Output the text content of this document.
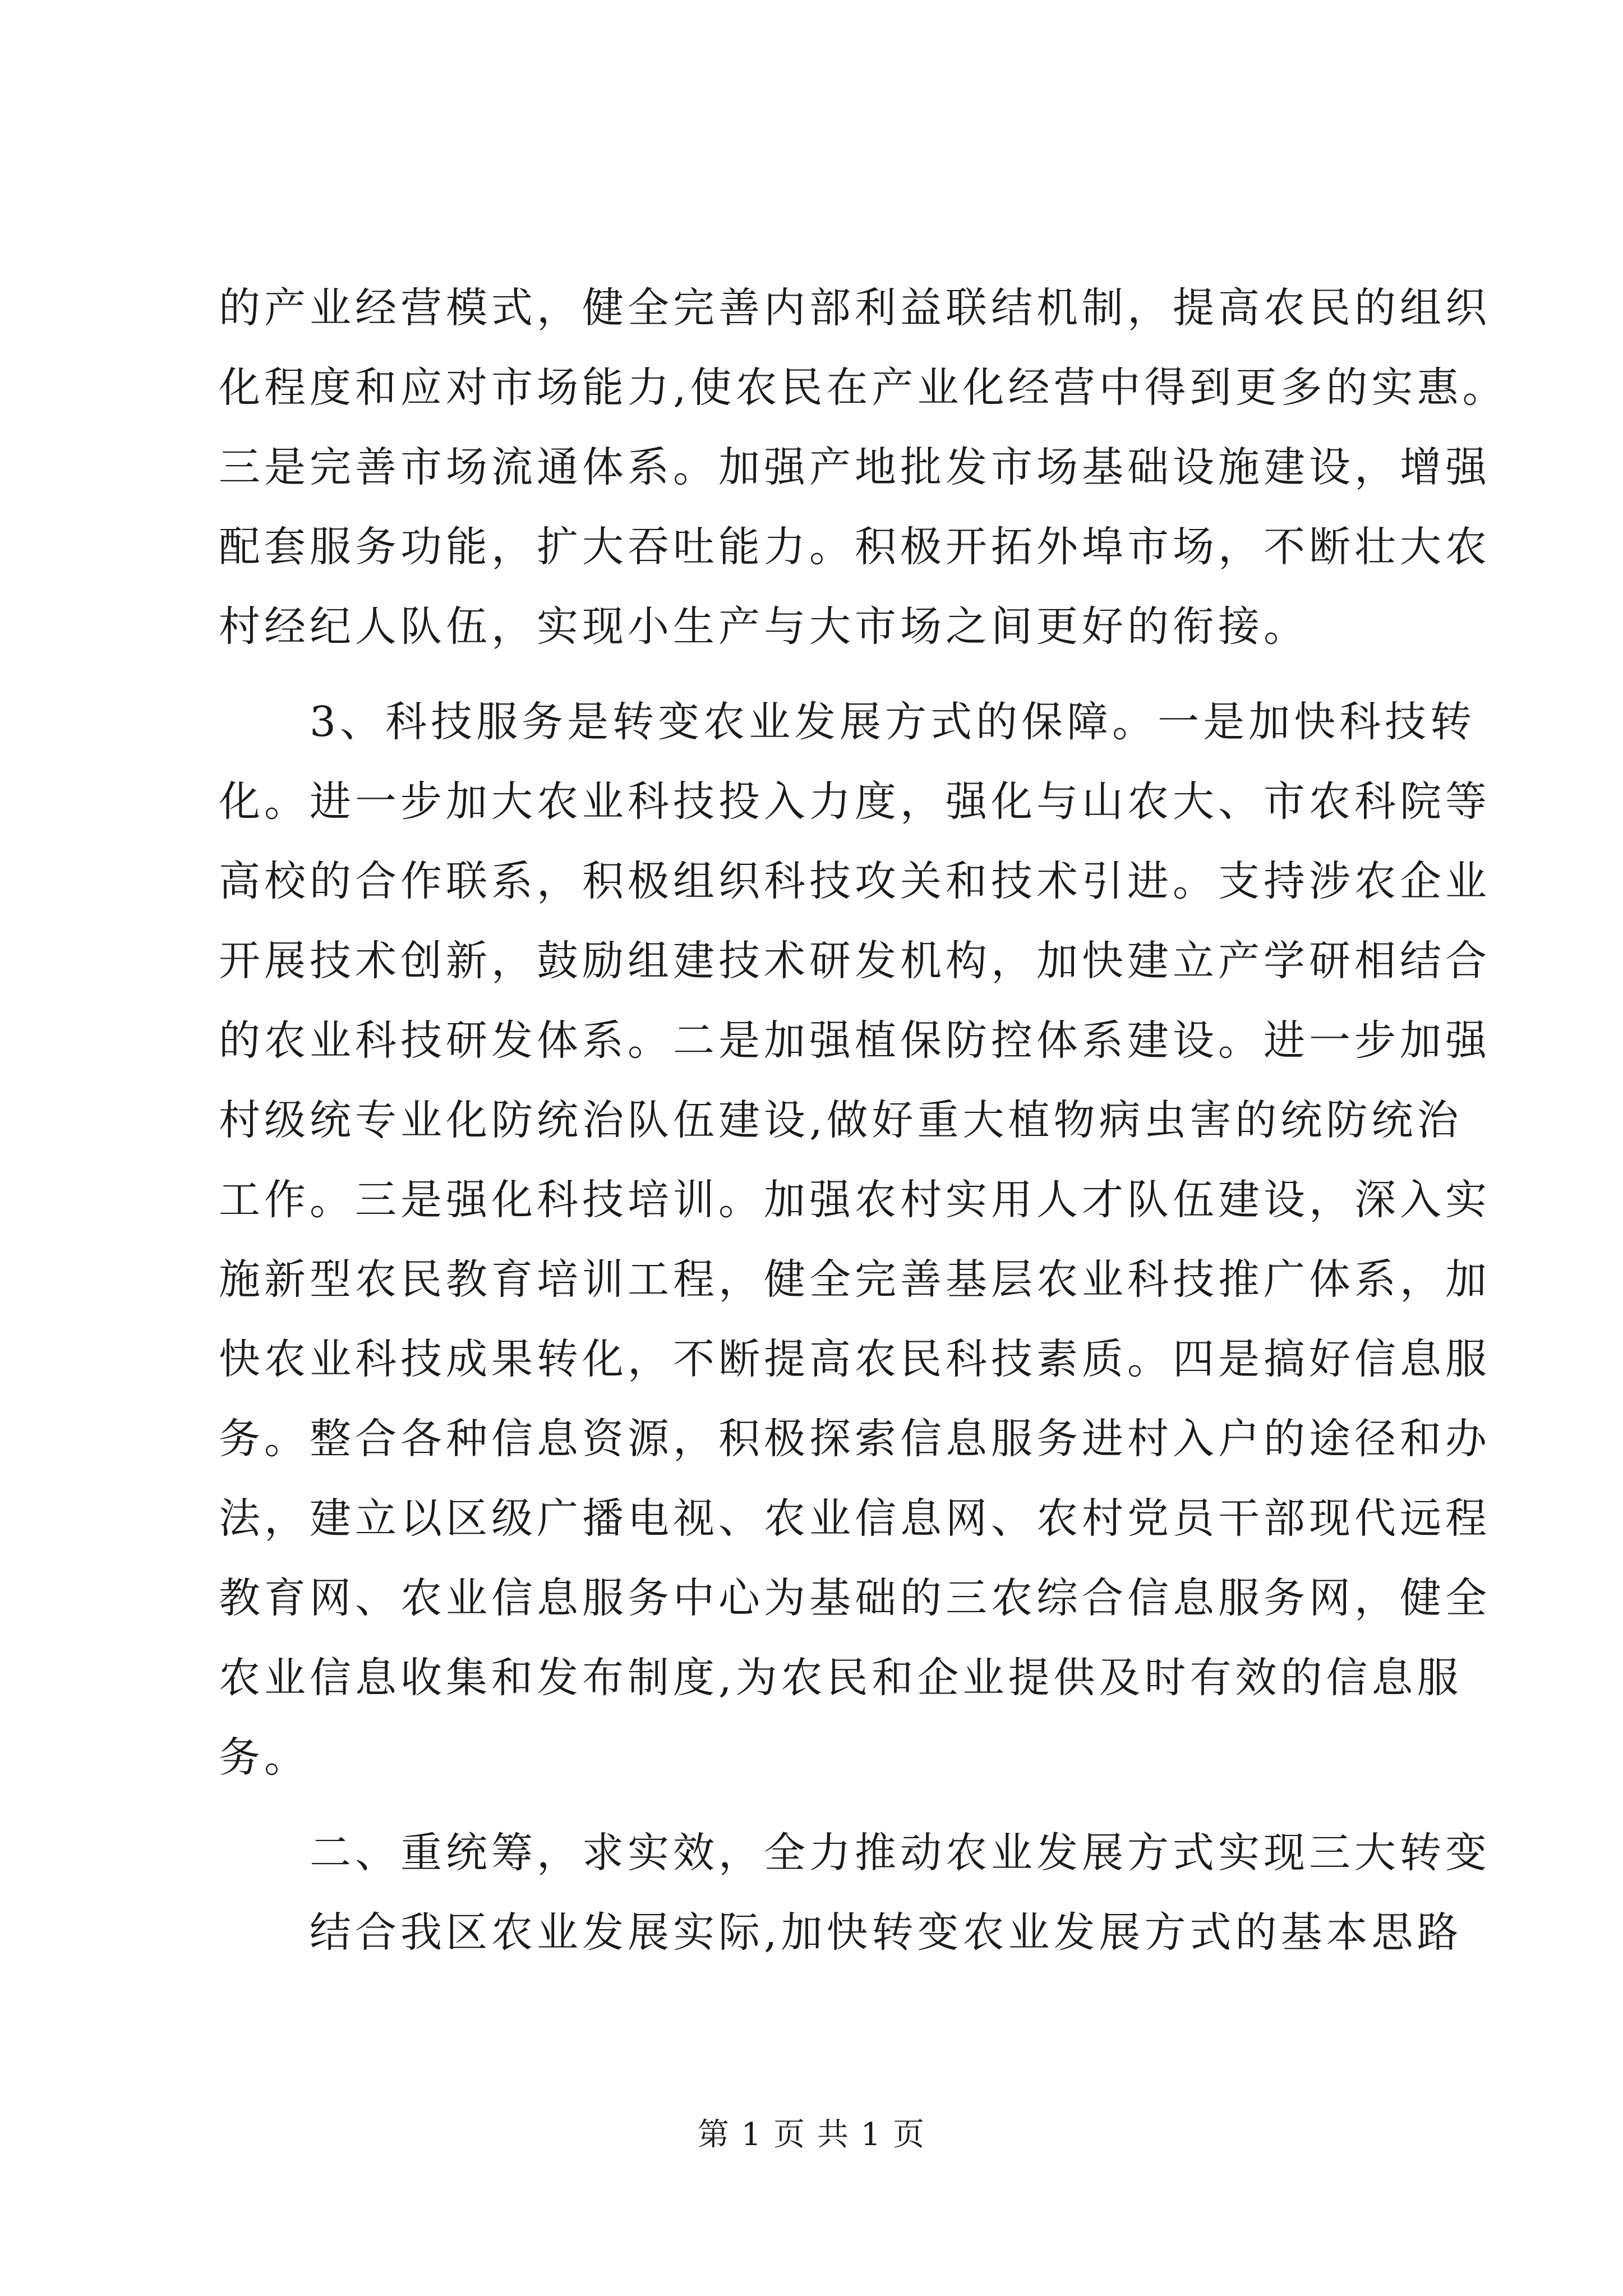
的产业经营模式，健全完善内部利益联结机制，提高农民的组织
化程度和应对市场能力,使农民在产业化经营中得到更多的实惠。
三是完善市场流通体系。加强产地批发市场基础设施建设，增强
配套服务功能，扩大吞吐能力。积极开拓外埠市场，不断壮大农
村经纪人队伍，实现小生产与大市场之间更好的衔接。
　　3、科技服务是转变农业发展方式的保障。一是加快科技转
化。进一步加大农业科技投入力度，强化与山农大、市农科院等
高校的合作联系，积极组织科技攻关和技术引进。支持涉农企业
开展技术创新，鼓励组建技术研发机构，加快建立产学研相结合
的农业科技研发体系。二是加强植保防控体系建设。进一步加强
村级统专业化防统治队伍建设,做好重大植物病虫害的统防统治
工作。三是强化科技培训。加强农村实用人才队伍建设，深入实
施新型农民教育培训工程，健全完善基层农业科技推广体系，加
快农业科技成果转化，不断提高农民科技素质。四是搞好信息服
务。整合各种信息资源，积极探索信息服务进村入户的途径和办
法，建立以区级广播电视、农业信息网、农村党员干部现代远程
教育网、农业信息服务中心为基础的三农综合信息服务网，健全
农业信息收集和发布制度,为农民和企业提供及时有效的信息服
务。
　　二、重统筹，求实效，全力推动农业发展方式实现三大转变
　　结合我区农业发展实际,加快转变农业发展方式的基本思路
第 1 页 共 1 页
